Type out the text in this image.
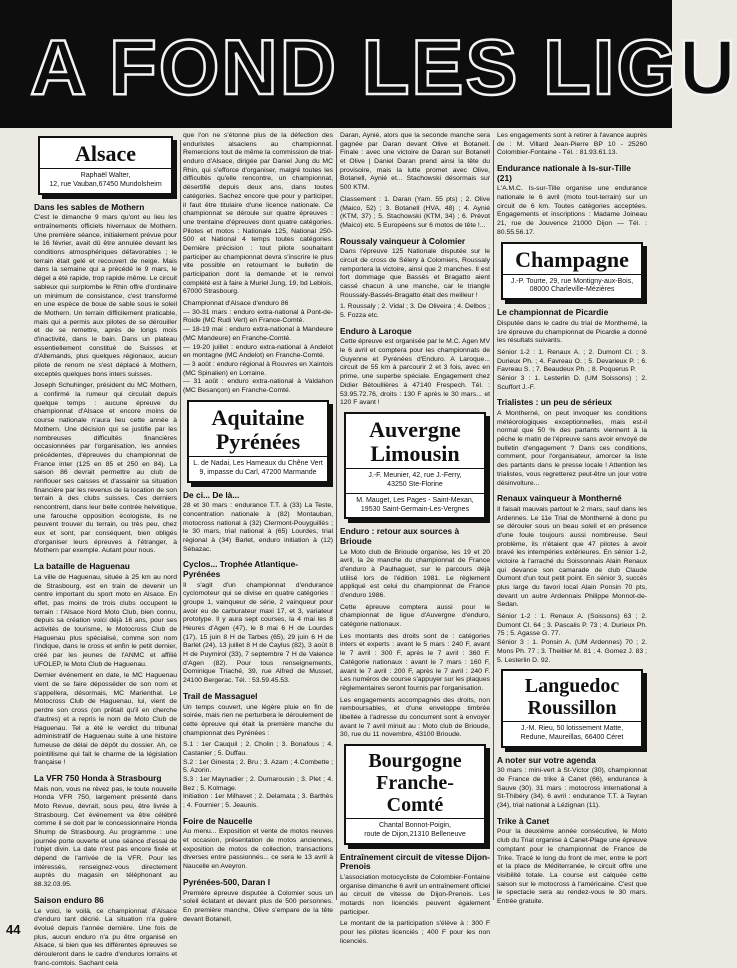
A FOND LES LIGU
Alsace
Raphaël Walter,
12, rue Vauban,67450 Mundolsheim
Dans les sables de Mothern

C'est le dimanche 9 mars qu'ont eu lieu les entraînements officiels hivernaux de Mothern. Une première séance, initialement prévue pour le 16 février, avait dû être annulée devant les conditions atmosphériques défavorables ; le terrain était gelé et recouvert de neige. Mais dans la semaine qui a précédé le 9 mars, le dégel a été rapide, trop rapide même. Le circuit sableux qui surplombe le Rhin offre d'ordinaire un minimum de consistance, c'est transformé en une espèce de boue de sable sous le soleil de Mothern. Un terrain difficilement praticable, mais qui a permis aux pilotes de se dérouiller et de se remettre, après de longs mois d'inactivité, dans le bain. Dans un plateau essentiellement constitué de Suisses et d'Allemands, plus quelques régionaux, aucun pilote de renom ne s'est déplacé à Mothern, exceptés quelques bons inters suisses.

Joseph Schuhinger, président du MC Mothern, a confirmé la rumeur qui circulait depuis quelque temps : aucune épreuve du championnat d'Alsace et encore moins de course nationale n'aura lieu cette année à Mothern. Une décision qui se justifie par les nombreuses difficultés financières occasionnées par l'organisation, les années précédentes, d'épreuves du championnat de France inter (125 en 85 et 250 en 84). La saison 86 devrait permettre au club de renflouer ses caisses et d'assainir sa situation financière par les revenus de la location de son terrain à des clubs suisses. Ces derniers rencontrent, dans leur belle contrée helvétique, une farouche opposition écologiste, ils ne peuvent trouver du terrain, ou très peu, chez eux et sont, par conséquent, bien obligés d'organiser leurs épreuves à l'étranger, à Mothern par exemple. Autant pour nous.

La bataille de Haguenau

La ville de Haguenau, située à 25 km au nord de Strasbourg, est en train de devenir un centre important du sport moto en Alsace. En effet, pas moins de trois clubs occupent le terrain : l'Alsace Nord Moto Club, bien connu, depuis sa création voici déjà 16 ans, pour ses activités de tourisme, le Motocross Club de Haguenau plus spécialisé, comme son nom l'indique, dans le cross et enfin le petit dernier, créé par les jeunes de l'ANMC et affilié UFOLEP, le Moto Club de Haguenau.

Dernier événement en date, le MC Haguenau vient de se faire déposséder de son nom et s'appellera, désormais, MC Marienthal. Le Motocross Club de Haguenau, lui, vient de perdre son cross (on prêtait qu'il en cherche d'autres) et a repris le nom de Moto Club de Haguenau. Tel a été le verdict du tribunal administratif de Haguenau suite à une histoire fumeuse de délai de dépôt du dossier. Ah, ce pointillisme qui fait le charme de la législation française !

La VFR 750 Honda à Strasbourg

Mais non, vous ne rêvez pas, le toute nouvelle Honda VFR 750, largement présenté dans Moto Revue, devrait, sous peu, être livrée à Strasbourg. Cet événement va être célébré comme il se doit par le concessionnaire Honda Shump de Strasbourg. Au programme : une journée porte ouverte et une séance d'essai de l'objet divin. La date n'est pas encore fixée et dépend de l'arrivée de la VFR. Pour les intéressés, renseignez-vous directement auprès du magasin en téléphonant au 88.32.03.95.

Saison enduro 86

Le voici, le voilà, ce championnat d'Alsace d'enduro tant décrié. La situation n'a guère évolué depuis l'année dernière. Une fois de plus, aucun enduro n'a pu être organisé en Alsace, si bien que les différentes épreuves se dérouleront dans le cadre d'enduros lorrains et franc-comtois. Sachant cela

que l'on ne s'étonne plus de la défection des enduristes alsaciens au championnat. Remercions tout de même la commission de trial-enduro d'Alsace, dirigée par Daniel Jung du MC Rhin, qui s'efforce d'organiser, malgré toutes les difficultés qu'elle rencontre, un championnat, désertifié depuis deux ans, dans toutes catégories. Sachez encore que pour y participer, il faut être titulaire d'une licence nationale. Ce championnat se déroule sur quatre épreuves : une trentaine d'épreuves dont quatre catégories. Pilotes et motos : Nationale 125, National 250-500 et National 4 temps toutes catégories. Dernière précision : tout pilote souhaitant participer au championnat devra s'inscrire le plus vite possible en retournant le bulletin de participation dont la demande et le renvoi complété est à faire à Muriel Jung, 19, bd Leblois, 67000 Strasbourg.

Championnat d'Alsace d'enduro 86
— 30-31 mars : enduro extra-national à Pont-de-Roide (MC Rudi Vert) en France-Comté.
— 18-19 mai : enduro extra-national à Mandeure (MC Mandeure) en Franche-Comté.
— 19-20 juillet : enduro extra-national à Andelot en montagne (MC Andelot) en Franche-Comté.
— 3 août : enduro régional à Rouvres en Xaintois (MC Spinalien) en Lorraine.
— 31 août : enduro extra-national à Valdahon (MC Besançon) en Franche-Comté.

Aquitaine
Pyrénées
L. de Nadai, Les Hameaux du Chêne Vert
9, impasse du Carl, 47200 Marmande
De ci... De là...

28 et 30 mars : endurance T.T. à (33) La Teste, concentration nationale à (82) Montauban, motocross national à (32) Clermont-Pouyguillès ; le 30 mars, trial national à (65) Lourdes, trial régional à (34) Barlet, enduro initiation à (12) Sébazac.

Cyclos... Trophée Atlantique-Pyrénées

Il s'agit d'un championnat d'endurance cyclomoteur qui se divise en quatre catégories : groupe 1, vainqueur de série, 2 vainqueur pour avoir eu de carburateur maxi 17, et 3, variateur prototype. Il y aura sept courses, la 4 mai les 8 Heures d'Agen (47), le 8 mai 6 H de Lourdes (17), 15 juin 8 H de Tarbes (65), 29 juin 6 H de Barlet (24), 13 juillet 8 H de Caylus (82), 3 août 8 H de Puymirol (33), 7 septembre 7 H de Valence d'Agen (82). Pour tous renseignements, Dominique Triaché, 39, rue Alfred de Musset, 24100 Bergerac. Tél. : 53.59.45.53.

Trail de Massaguel

Un temps couvert, une légère pluie en fin de soirée, mais rien ne perturbera le déroulement de cette épreuve qui était la première manche du championnat des Pyrénées :

S.1 : 1er Cauquil ; 2. Cholin ; 3. Bonafous ; 4. Castanier ; 5. Duffau.
S.2 : 1er Ginesta ; 2. Bru ; 3. Azam ; 4.Combette ; 5. Azorin.
S.3 : 1er Maynadier ; 2. Dumarousin ; 3. Plet ; 4. Bez ; 5. Kolmage.
Initiation : 1er Milhavet ; 2. Delamata ; 3. Barthès ; 4. Fournier ; 5. Jeaunis.

Foire de Naucelle

Au menu... Exposition et vente de motos neuves et occasion, présentation de motos anciennes, exposition de motos de collection, transactions diverses entre passionnés... ce sera le 13 avril à Naucelle en Aveyron.

Pyrénées-500, Daran I

Première épreuve disputée à Colomier sous un soleil éclatant et devant plus de 500 personnes. En première manche, Olive s'empare de la tête devant Botanell,

Daran, Aynié, alors que la seconde manche sera gagnée par Daran devant Olive et Botanell. Finale : avec une victoire de Daran sur Botanell et Olive | Daniel Daran prend ainsi la tête du provisoire, mais la lutte promet avec Olive, Botanell, Aynié et... Stachowski désormais sur 500 KTM.

Classement : 1. Daran (Yam. 55 pts) ; 2. Olive (Maico, 52) ; 3. Botanell (HVA, 48) ; 4. Aynié (KTM, 37) ; 5. Stachowski (KTM, 34) ; 6. Prévot (Maico) etc. 5 Européens sur 6 motos de tête !...

Roussaly vainqueur à Colomier

Dans l'épreuve 125 Nationale disputée sur le circuit de cross de Sélery à Colomiers, Roussaly remportera la victoire, ainsi que 2 manches. Il est fort dommage que Bassés et Bragatto aient cassé chacun à une manche, car le triangle Roussaly-Bassés-Bragatto était des meilleur !

1. Roussaly ; 2. Vidal ; 3. De Oliveira ; 4. Delbos ; 5. Fozza etc.

Enduro à Laroque

Cette épreuve est organisée par le M.C. Agen MV le 6 avril et comptera pour les championnats de Guyenne et Pyrénées d'Enduro. A Laroque... circuit de 55 km à parcourir 2 et 3 fois, avec en prime, une superbe spéciale. Engagement chez Didier Bétoullières à 47140 Frespech. Tél. : 53.95.72.76, droits : 130 F après le 30 mars... et 120 F avant !

Auvergne
Limousin
J.-F. Meunier, 42, rue J.-Ferry,
43250 Ste-Florine
M. Mauget, Les Pages - Saint-Mexan,
19530 Saint-Germain-Les-Vergnes
Enduro : retour aux sources à Brioude

Le Moto club de Brioude organise, les 19 et 20 avril, la 2e manche du championnat de France d'enduro à Paulhaguet, sur le parcours déjà utilisé lors de l'édition 1981. Le règlement appliqué est celui du championnat de France d'enduro 1986.

Cette épreuve comptera aussi pour le championnat de ligue d'Auvergne d'enduro, catégorie nationaux.

Les montants des droits sont de : catégories inters et experts : avant le 5 mars : 240 F, avant le 7 avril : 300 F, après le 7 avril : 360 F. Catégorie nationaux : avant le 7 mars : 160 F, avant le 7 avril : 200 F, après le 7 avril : 240 F. Les numéros de course s'appuyer sur les plaques règlementaires seront fournis par l'organisation.

Les engagements accompagnés des droits, non remboursables, et d'une enveloppe timbrée libellée à l'adresse du concurrent sont à envoyer avant le 7 avril minuit au : Moto club de Brioude, 30, rue du 11 novembre, 43100 Brioude.

Bourgogne
Franche-
Comté
Chantal Bonnot-Poigin,
route de Dijon,21310 Belleneuve
Entraînement circuit de vitesse Dijon-Prenois

L'association motocycliste de Colombier-Fontaine organise dimanche 6 avril un entraînement officiel au circuit de vitesse de Dijon-Prenois. Les motards non licenciés peuvent également participer.

Le montant de la participation s'élève à : 300 F pour les pilotes licenciés ; 400 F pour les non licenciés.

Les engagements sont à retirer à l'avance auprès de : M. Villard Jean-Pierre BP 10 - 25260 Colombier-Fontaine - Tél. : 81.93.61.13.

Endurance nationale à Is-sur-Tille (21)

L'A.M.C. Is-sur-Tille organise une endurance nationale le 6 avril (moto tout-terrain) sur un circuit de 6 km. Toutes catégories acceptées. Engagements et inscriptions : Madame Joineau 21, rue de Jouvence 21000 Dijon — Tél. : 80.55.56.17.

Champagne
J.-P. Tourte, 29, rue Montigny-aux-Bois,
08000 Charleville-Mézières
Le championnat de Picardie

Disputée dans le cadre du trial de Montherné, la 1re épreuve du championnat de Picardie a donné les résultats suivants.

Sénior 1-2 : 1. Renaux A. ; 2. Dumont Cl. ; 3. Durieux Ph. ; 4. Favreau O. ; 5. Devarieux P. ; 6. Favreau S. ; 7. Beaudeux Ph. ; 8. Poquerus P.
Sénior 3 : 1. Lesterlin D. (UM Soissons) ; 2. Scuffort J.-F.

Trialistes : un peu de sérieux

A Montherné, on peut invoquer les conditions météorologiques exceptionnelles, mais est-il normal que 50 % des partants viennent à la pêche le matin de l'épreuve sans avoir envoyé de bulletin d'engagement ? Dans ces conditions, comment, pour l'organisateur, amorcer la liste des partants dans le presse locale ! Attention les trialistes, vous regretterez peut-être un jour votre désinvolture...

Renaux vainqueur à Montherné

Il faisait mauvais partout le 2 mars, sauf dans les Ardennes. Le 11e Trial de Montherné à donc pu se dérouler sous un beau soleil et en présence d'une foule toujours aussi nombreuse. Seul problème, ils n'étaient que 47 pilotes à avoir bravé les intempéries extérieures. En sénior 1-2, victoire à l'arraché du Soissonnais Alain Renaux qui devance son camarade de club Claude Dumont d'un tout petit point. En sénior 3, succès plus large du favori local Alain Ponsin 70 pts, devant un autre Ardennais Philippe Monnot-de-Sedan.

Sénior 1-2 : 1. Renaux A. (Soissons) 63 ; 2. Dumont Cl. 64 ; 3. Pascalis P. 73 ; 4. Durieux Ph. 75 ; 5. Agasse G. 77.
Sénior 3 : 1. Ponsin A. (UM Ardennes) 70 ; 2. Mons Ph. 77 ; 3. Theillier M. 81 ; 4. Gomez J. 83 ; 5. Lesterlin D. 92.

Languedoc
Roussillon
J.-M. Rieu, 50 lotissement Matte,
Redune, Maureillas, 66400 Céret
A noter sur votre agenda

30 mars : mini-vert à St-Victor (30), championnat de France de trike à Canet (66), endurance à Sauve (30). 31 mars : motocross international à St-Thibéry (34). 6 avril : endurance T.T. à Teyran (34), trial national à Lézignan (11).

Trike à Canet

Pour la deuxième année consécutive, le Moto club du Trial organise à Canet-Plage une épreuve comptant pour le championnat de France de Trike. Tracé le long du front de mer, entre le port et la place de Méditerranée, le circuit offre une visibilité totale. La course est calquée cette saison sur le motocross à l'américaine. C'est que le spectacle sera au rendez-vous le 30 mars. Entrée gratuite.

44
